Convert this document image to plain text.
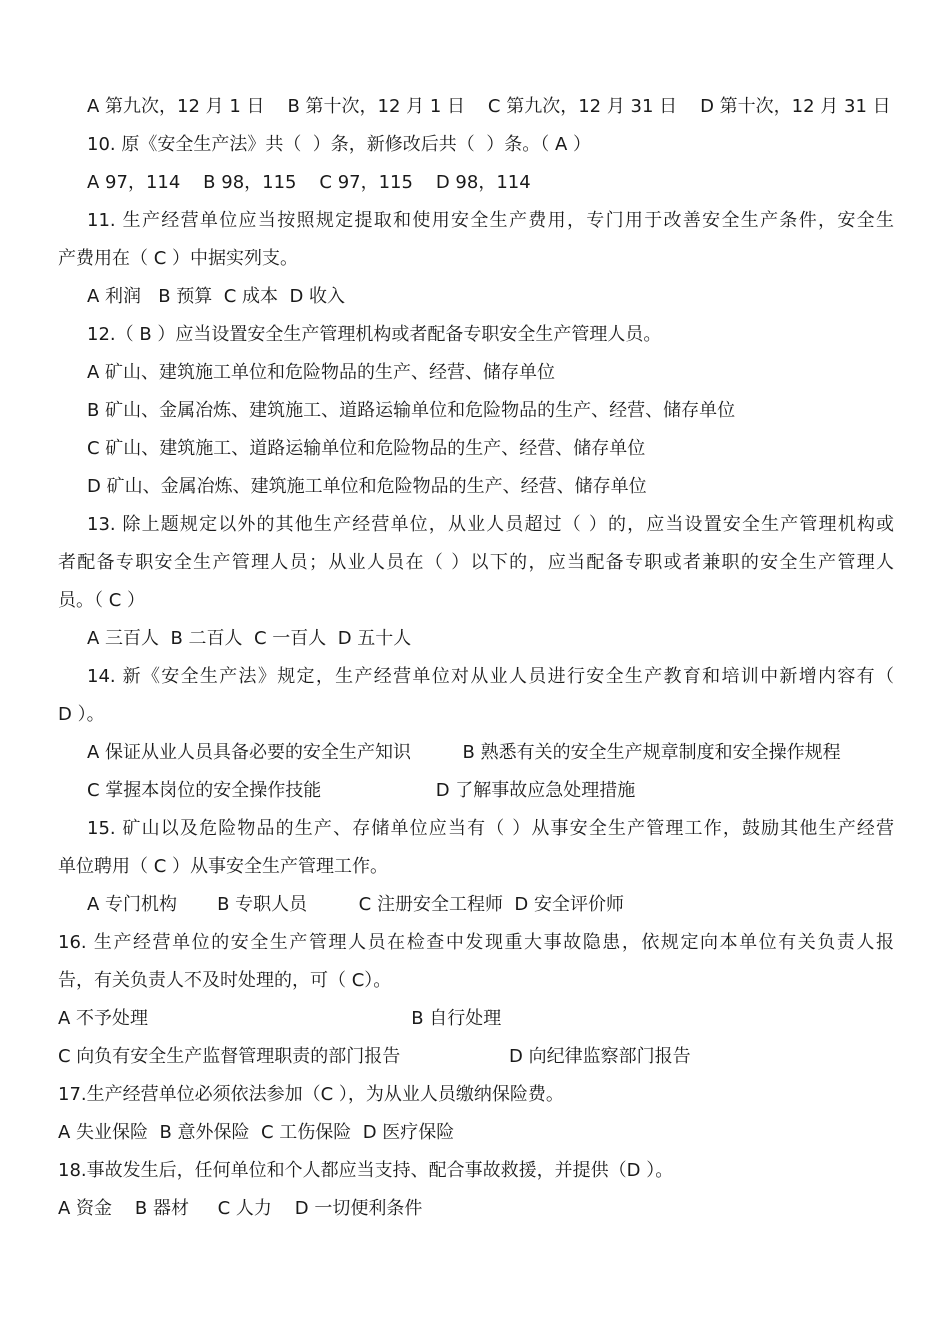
A 第九次，12 月 1 日    B 第十次，12 月 1 日    C 第九次，12 月 31 日    D 第十次，12 月 31 日
10. 原《安全生产法》共（  ）条，新修改后共（  ）条。（ A ）
A 97，114    B 98，115    C 97，115    D 98，114
11. 生产经营单位应当按照规定提取和使用安全生产费用，专门用于改善安全生产条件，安全生
产费用在（ C ）中据实列支。
A 利润   B 预算  C 成本  D 收入
12.（ B ）应当设置安全生产管理机构或者配备专职安全生产管理人员。
A 矿山、建筑施工单位和危险物品的生产、经营、储存单位
B 矿山、金属冶炼、建筑施工、道路运输单位和危险物品的生产、经营、储存单位
C 矿山、建筑施工、道路运输单位和危险物品的生产、经营、储存单位
D 矿山、金属冶炼、建筑施工单位和危险物品的生产、经营、储存单位
13. 除上题规定以外的其他生产经营单位，从业人员超过（ ）的，应当设置安全生产管理机构或
者配备专职安全生产管理人员；从业人员在（ ）以下的，应当配备专职或者兼职的安全生产管理人
员。（ C ）
A 三百人  B 二百人  C 一百人  D 五十人
14. 新《安全生产法》规定，生产经营单位对从业人员进行安全生产教育和培训中新增内容有（
D ）。
A 保证从业人员具备必要的安全生产知识         B 熟悉有关的安全生产规章制度和安全操作规程
C 掌握本岗位的安全操作技能                    D 了解事故应急处理措施
15. 矿山以及危险物品的生产、存储单位应当有（ ）从事安全生产管理工作，鼓励其他生产经营
单位聘用（ C ）从事安全生产管理工作。
A 专门机构       B 专职人员         C 注册安全工程师  D 安全评价师
16. 生产经营单位的安全生产管理人员在检查中发现重大事故隐患，依规定向本单位有关负责人报
告，有关负责人不及时处理的，可（ C）。
A 不予处理                                              B 自行处理
C 向负有安全生产监督管理职责的部门报告                   D 向纪律监察部门报告
17.生产经营单位必须依法参加（C ），为从业人员缴纳保险费。
A 失业保险  B 意外保险  C 工伤保险  D 医疗保险
18.事故发生后，任何单位和个人都应当支持、配合事故救援，并提供（D ）。
A 资金    B 器材     C 人力    D 一切便利条件
